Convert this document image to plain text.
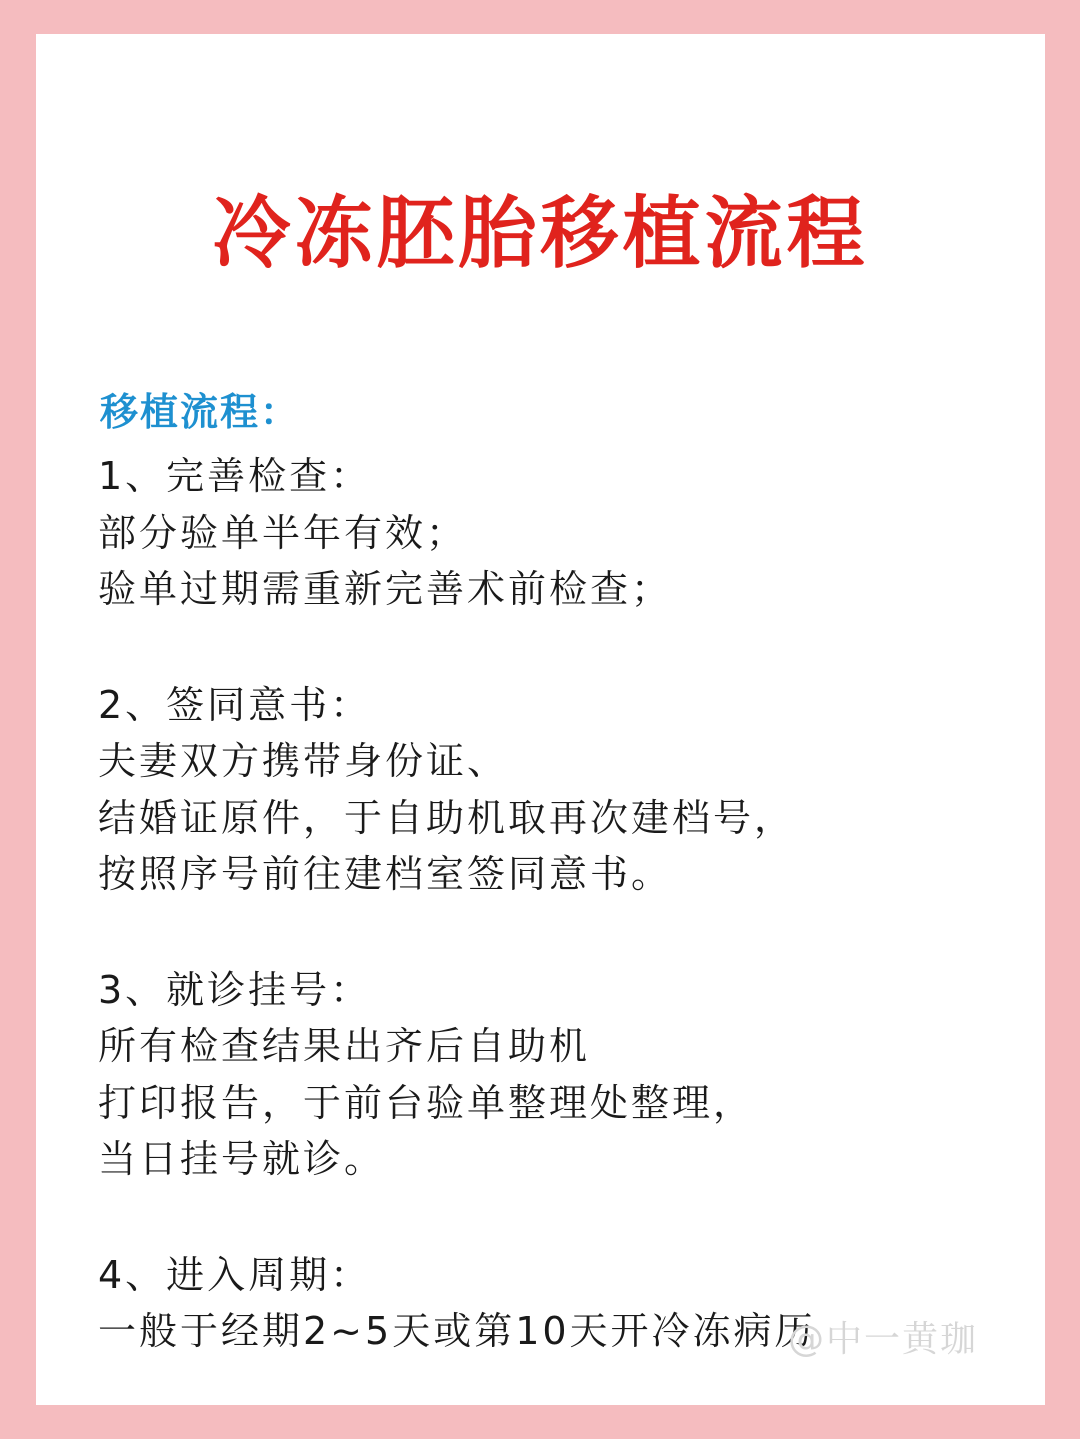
冷冻胚胎移植流程
移植流程：
1、完善检查：
部分验单半年有效；
验单过期需重新完善术前检查；
2、签同意书：
夫妻双方携带身份证、
结婚证原件，于自助机取再次建档号，
按照序号前往建档室签同意书。
3、就诊挂号：
所有检查结果出齐后自助机
打印报告，于前台验单整理处整理，
当日挂号就诊。
4、进入周期：
一般于经期2~5天或第10天开冷冻病历
@中一黄珈
